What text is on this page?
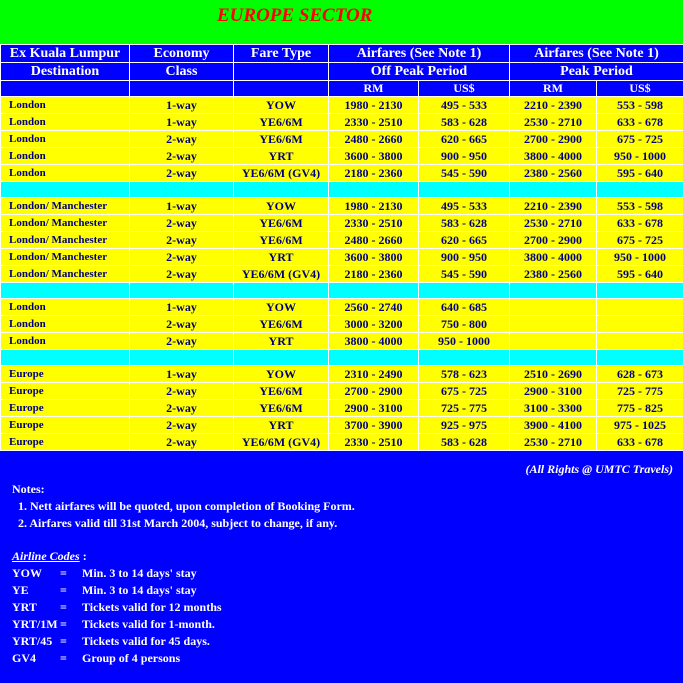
EUROPE SECTOR
Ex Kuala Lumpur	Economy	Fare Type	Airfares (See Note 1)		Airfares (See Note 1)	
Destination	Class		Off Peak Period		Peak Period	
			RM	US$	RM	US$
London	1-way	YOW	1980 - 2130	495 - 533	2210 - 2390	553 - 598
London	1-way	YE6/6M	2330 - 2510	583 - 628	2530 - 2710	633 - 678
London	2-way	YE6/6M	2480 - 2660	620 - 665	2700 - 2900	675 - 725
London	2-way	YRT	3600 - 3800	900 - 950	3800 - 4000	950 - 1000
London	2-way	YE6/6M (GV4)	2180 - 2360	545 - 590	2380 - 2560	595 - 640

London/ Manchester	1-way	YOW	1980 - 2130	495 - 533	2210 - 2390	553 - 598
London/ Manchester	2-way	YE6/6M	2330 - 2510	583 - 628	2530 - 2710	633 - 678
London/ Manchester	2-way	YE6/6M	2480 - 2660	620 - 665	2700 - 2900	675 - 725
London/ Manchester	2-way	YRT	3600 - 3800	900 - 950	3800 - 4000	950 - 1000
London/ Manchester	2-way	YE6/6M (GV4)	2180 - 2360	545 - 590	2380 - 2560	595 - 640

London	1-way	YOW	2560 - 2740	640 - 685		
London	2-way	YE6/6M	3000 - 3200	750 - 800		
London	2-way	YRT	3800 - 4000	950 - 1000		

Europe	1-way	YOW	2310 - 2490	578 - 623	2510 - 2690	628 - 673
Europe	2-way	YE6/6M	2700 - 2900	675 - 725	2900 - 3100	725 - 775
Europe	2-way	YE6/6M	2900 - 3100	725 - 775	3100 - 3300	775 - 825
Europe	2-way	YRT	3700 - 3900	925 - 975	3900 - 4100	975 - 1025
Europe	2-way	YE6/6M (GV4)	2330 - 2510	583 - 628	2530 - 2710	633 - 678
(All Rights @ UMTC Travels)
Notes:
1. Nett airfares will be quoted, upon completion of Booking Form.
2. Airfares valid till 31st March 2004, subject to change, if any.
Airline Codes :
YOW	=	Min. 3 to 14 days' stay
YE	=	Min. 3 to 14 days' stay
YRT	=	Tickets valid for 12 months
YRT/1M =	Tickets valid for 1-month.
YRT/45 =	Tickets valid for 45 days.
GV4	=	Group of 4 persons
